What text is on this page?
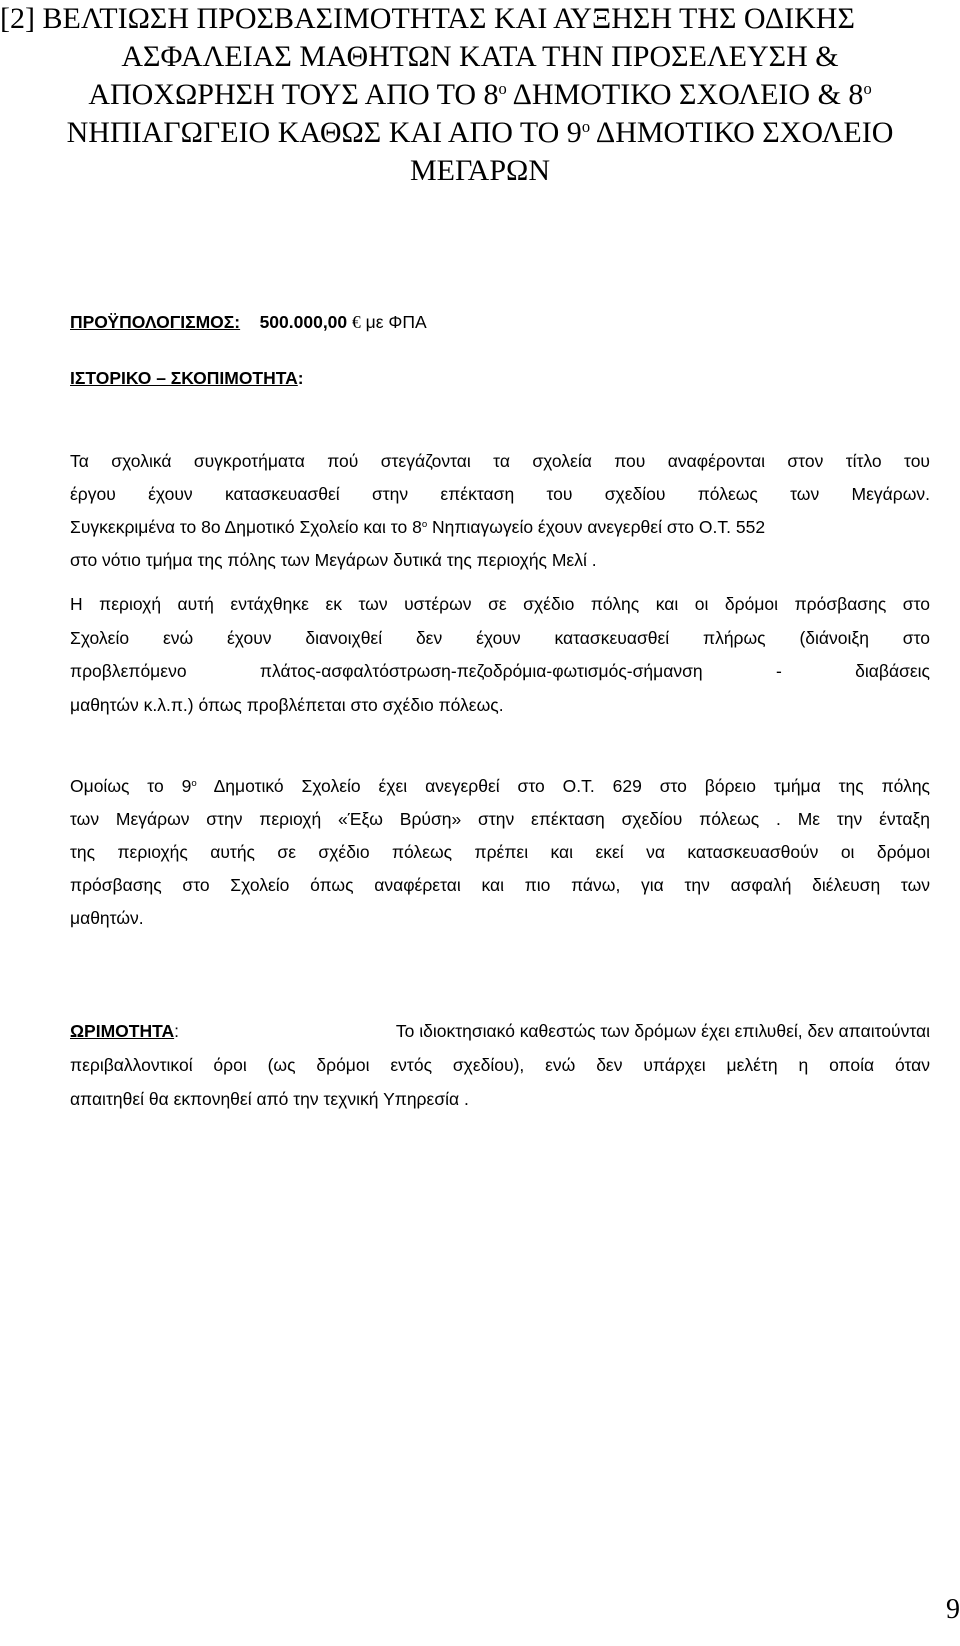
[2] ΒΕΛΤΙΩΣΗ ΠΡΟΣΒΑΣΙΜΟΤΗΤΑΣ ΚΑΙ ΑΥΞΗΣΗ ΤΗΣ ΟΔΙΚΗΣ
ΑΣΦΑΛΕΙΑΣ ΜΑΘΗΤΩΝ ΚΑΤΑ ΤΗΝ ΠΡΟΣΕΛΕΥΣΗ &
ΑΠΟΧΩΡΗΣΗ ΤΟΥΣ ΑΠΟ ΤΟ $8^o$ ΔΗΜΟΤΙΚΟ ΣΧΟΛΕΙΟ & $8^o$
ΝΗΠΙΑΓΩΓΕΙΟ ΚΑΘΩΣ ΚΑΙ ΑΠΟ ΤΟ $9^o$ ΔΗΜΟΤΙΚΟ ΣΧΟΛΕΙΟ
ΜΕΓΑΡΩΝ
ΠΡΟΫΠΟΛΟΓΙΣΜΟΣ: 500.000,00 € με ΦΠΑ
ΙΣΤΟΡΙΚΟ – ΣΚΟΠΙΜΟΤΗΤΑ:
Τα σχολικά συγκροτήματα πού στεγάζονται τα σχολεία που αναφέρονται στον τίτλο του
έργου έχουν κατασκευασθεί στην επέκταση του σχεδίου πόλεως των Μεγάρων.
Συγκεκριμένα το 8ο Δημοτικό Σχολείο και το $8^o$ Νηπιαγωγείο έχουν ανεγερθεί στο Ο.Τ. 552
στο νότιο τμήμα της πόλης των Μεγάρων δυτικά της περιοχής Μελί .
Η περιοχή αυτή εντάχθηκε εκ των υστέρων σε σχέδιο πόλης και οι δρόμοι πρόσβασης στο
Σχολείο ενώ έχουν διανοιχθεί δεν έχουν κατασκευασθεί πλήρως (διάνοιξη στο
προβλεπόμενο πλάτος-ασφαλτόστρωση-πεζοδρόμια-φωτισμός-σήμανση - διαβάσεις
μαθητών κ.λ.π.) όπως προβλέπεται στο σχέδιο πόλεως.
Ομοίως το $9^o$ Δημοτικό Σχολείο έχει ανεγερθεί στο Ο.Τ. 629 στο βόρειο τμήμα της πόλης
των Μεγάρων στην περιοχή «Έξω Βρύση» στην επέκταση σχεδίου πόλεως . Με την ένταξη
της περιοχής αυτής σε σχέδιο πόλεως πρέπει και εκεί να κατασκευασθούν οι δρόμοι
πρόσβασης στο Σχολείο όπως αναφέρεται και πιο πάνω, για την ασφαλή διέλευση των
μαθητών.
ΩΡΙΜΟΤΗΤΑ:	Το ιδιοκτησιακό καθεστώς των δρόμων έχει επιλυθεί, δεν απαιτούνται
περιβαλλοντικοί όροι (ως δρόμοι εντός σχεδίου), ενώ δεν υπάρχει μελέτη η οποία όταν
απαιτηθεί θα εκπονηθεί από την τεχνική Υπηρεσία .
9
